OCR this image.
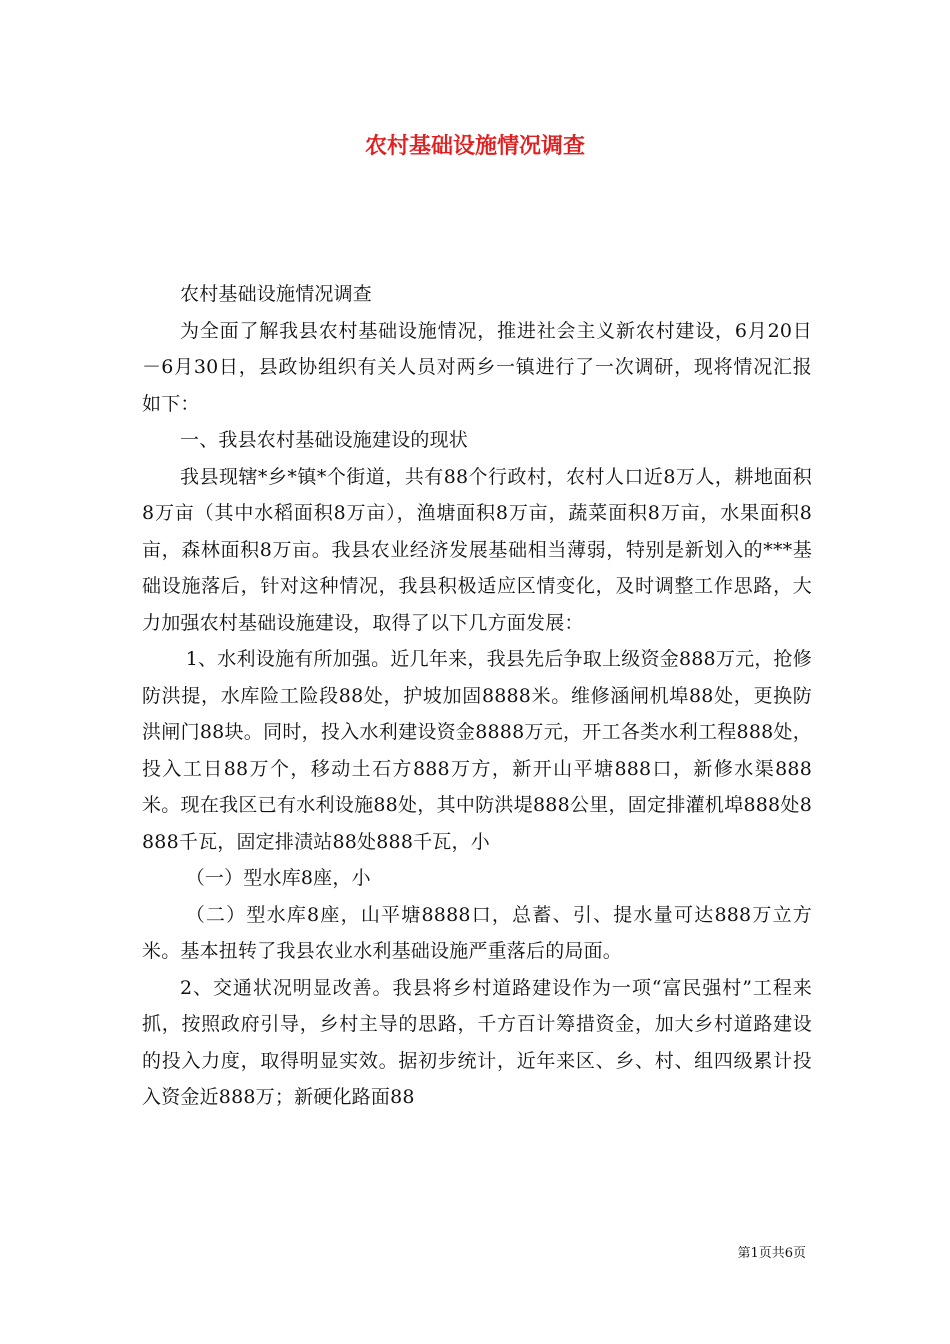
农村基础设施情况调查

农村基础设施情况调查

为全面了解我县农村基础设施情况，推进社会主义新农村建设，6月20日－6月30日，县政协组织有关人员对两乡一镇进行了一次调研，现将情况汇报如下：

一、我县农村基础设施建设的现状

我县现辖*乡*镇*个街道，共有88个行政村，农村人口近8万人，耕地面积8万亩（其中水稻面积8万亩），渔塘面积8万亩，蔬菜面积8万亩，水果面积8亩，森林面积8万亩。我县农业经济发展基础相当薄弱，特别是新划入的***基础设施落后，针对这种情况，我县积极适应区情变化，及时调整工作思路，大力加强农村基础设施建设，取得了以下几方面发展：

1、水利设施有所加强。近几年来，我县先后争取上级资金888万元，抢修防洪提，水库险工险段88处，护坡加固8888米。维修涵闸机埠88处，更换防洪闸门88块。同时，投入水利建设资金8888万元，开工各类水利工程888处，投入工日88万个，移动土石方888万方，新开山平塘888口，新修水渠888米。现在我区已有水利设施88处，其中防洪堤888公里，固定排灌机埠888处8888千瓦，固定排渍站88处888千瓦，小

（一）型水库8座，小

（二）型水库8座，山平塘8888口，总蓄、引、提水量可达888万立方米。基本扭转了我县农业水利基础设施严重落后的局面。

2、交通状况明显改善。我县将乡村道路建设作为一项“富民强村”工程来抓，按照政府引导，乡村主导的思路，千方百计筹措资金，加大乡村道路建设的投入力度，取得明显实效。据初步统计，近年来区、乡、村、组四级累计投入资金近888万；新硬化路面88

第1页共6页
